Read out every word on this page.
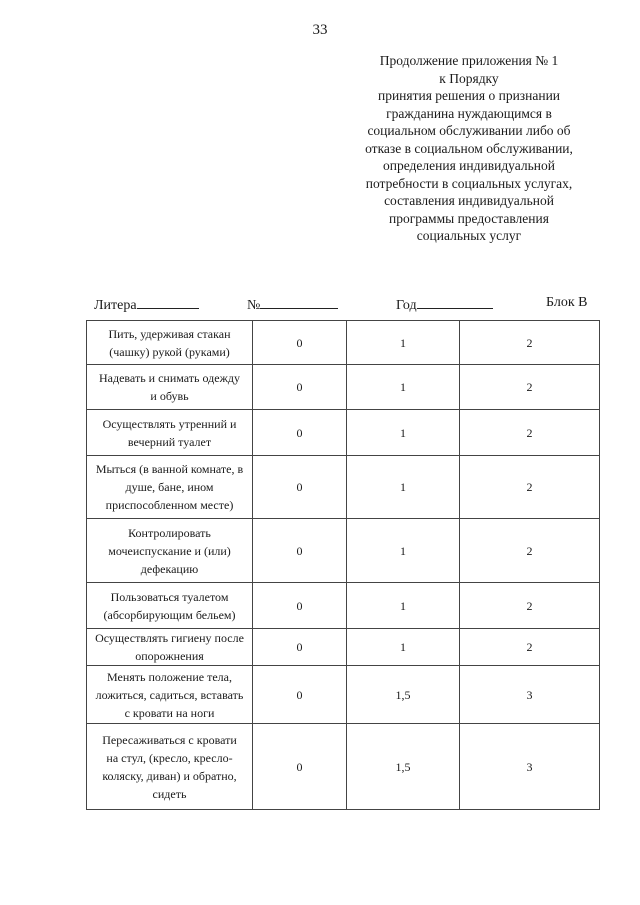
33
Продолжение приложения № 1
к Порядку
принятия решения о признании
гражданина нуждающимся в
социальном обслуживании либо об
отказе в социальном обслуживании,
определения индивидуальной
потребности в социальных услугах,
составления индивидуальной
программы предоставления
социальных услуг
Литера	№	Год	Блок В
Пить, удерживая стакан
(чашку) рукой (руками)	0	1	2

Надевать и снимать одежду
и обувь	0	1	2

Осуществлять утренний и
вечерний туалет	0	1	2

Мыться (в ванной комнате, в
душе, бане, ином
приспособленном месте)	0	1	2

Контролировать
мочеиспускание и (или)
дефекацию	0	1	2

Пользоваться туалетом
(абсорбирующим бельем)	0	1	2

Осуществлять гигиену после
опорожнения	0	1	2

Менять положение тела,
ложиться, садиться, вставать
с кровати на ноги	0	1,5	3

Пересаживаться с кровати
на стул, (кресло, кресло-
коляску, диван) и обратно,
сидеть	0	1,5	3
